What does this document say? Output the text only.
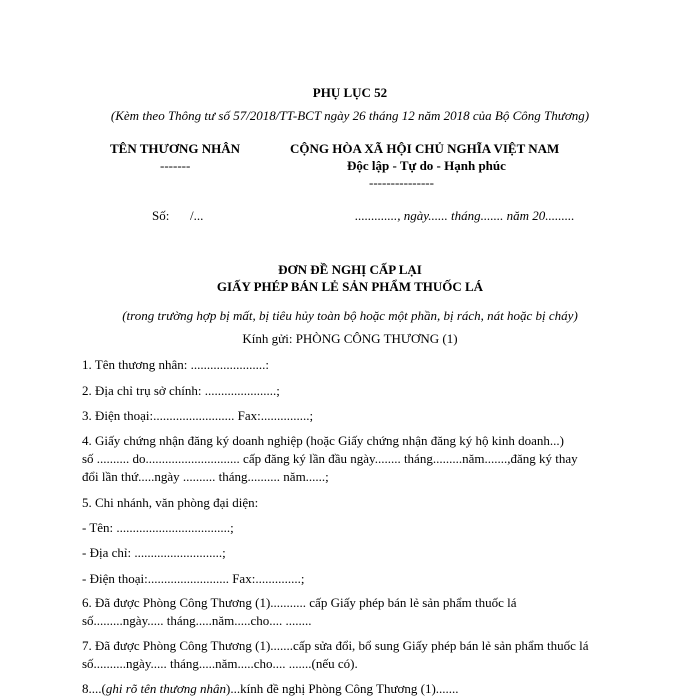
PHỤ LỤC 52
(Kèm theo Thông tư số 57/2018/TT-BCT ngày 26 tháng 12 năm 2018 của Bộ Công Thương)
TÊN THƯƠNG NHÂN
-------
CỘNG HÒA XÃ HỘI CHỦ NGHĨA VIỆT NAM
Độc lập - Tự do - Hạnh phúc
---------------
Số: /...	............., ngày...... tháng....... năm 20.........
ĐƠN ĐỀ NGHỊ CẤP LẠI
GIẤY PHÉP BÁN LẺ SẢN PHẨM THUỐC LÁ
(trong trường hợp bị mất, bị tiêu hủy toàn bộ hoặc một phần, bị rách, nát hoặc bị cháy)
Kính gửi: PHÒNG CÔNG THƯƠNG (1)
1. Tên thương nhân: .......................:
2. Địa chỉ trụ sở chính: ......................;
3. Điện thoại:......................... Fax:...............;
4. Giấy chứng nhận đăng ký doanh nghiệp (hoặc Giấy chứng nhận đăng ký hộ kinh doanh...)
số .......... do............................. cấp đăng ký lần đầu ngày........ tháng.........năm.......,đăng ký thay
đổi lần thứ.....ngày .......... tháng.......... năm......;
5. Chi nhánh, văn phòng đại diện:
- Tên: ...................................;
- Địa chỉ: ...........................;
- Điện thoại:......................... Fax:..............;
6. Đã được Phòng Công Thương (1)........... cấp Giấy phép bán lẻ sản phẩm thuốc lá
số.........ngày..... tháng.....năm.....cho.... ........
7. Đã được Phòng Công Thương (1).......cấp sửa đổi, bổ sung Giấy phép bán lẻ sản phẩm thuốc lá
số..........ngày..... tháng.....năm.....cho.... .......(nếu có).
8....(ghi rõ tên thương nhân)...kính đề nghị Phòng Công Thương (1).......
